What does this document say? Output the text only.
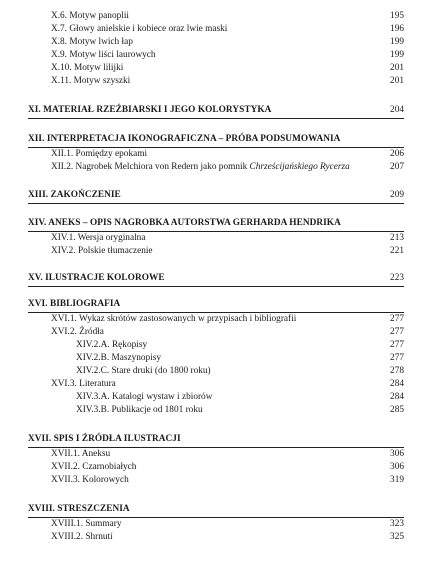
X.6. Motyw panoplii	195
X.7. Głowy anielskie i kobiece oraz lwie maski	196
X.8. Motyw lwich łap	199
X.9. Motyw liści laurowych	199
X.10. Motyw lilijki	201
X.11. Motyw szyszki	201
XI. MATERIAŁ RZEŹBIARSKI I JEGO KOLORYSTYKA	204
XII. INTERPRETACJA IKONOGRAFICZNA – PRÓBA PODSUMOWANIA
XII.1. Pomiędzy epokami	206
XII.2. Nagrobek Melchiora von Redern jako pomnik Chrześcijańskiego Rycerza	207
XIII. ZAKOŃCZENIE	209
XIV. ANEKS – OPIS NAGROBKA AUTORSTWA GERHARDA HENDRIKA
XIV.1. Wersja oryginalna	213
XIV.2. Polskie tłumaczenie	221
XV. ILUSTRACJE KOLOROWE	223
XVI. BIBLIOGRAFIA
XVI.1. Wykaz skrótów zastosowanych w przypisach i bibliografii	277
XVI.2. Źródła	277
XIV.2.A. Rękopisy	277
XIV.2.B. Maszynopisy	277
XIV.2.C. Stare druki (do 1800 roku)	278
XVI.3. Literatura	284
XIV.3.A. Katalogi wystaw i zbiorów	284
XIV.3.B. Publikacje od 1801 roku	285
XVII. SPIS I ŹRÓDŁA ILUSTRACJI
XVII.1. Aneksu	306
XVII.2. Czarnobiałych	306
XVII.3. Kolorowych	319
XVIII. STRESZCZENIA
XVIII.1. Summary	323
XVIII.2. Shrnutí	325
